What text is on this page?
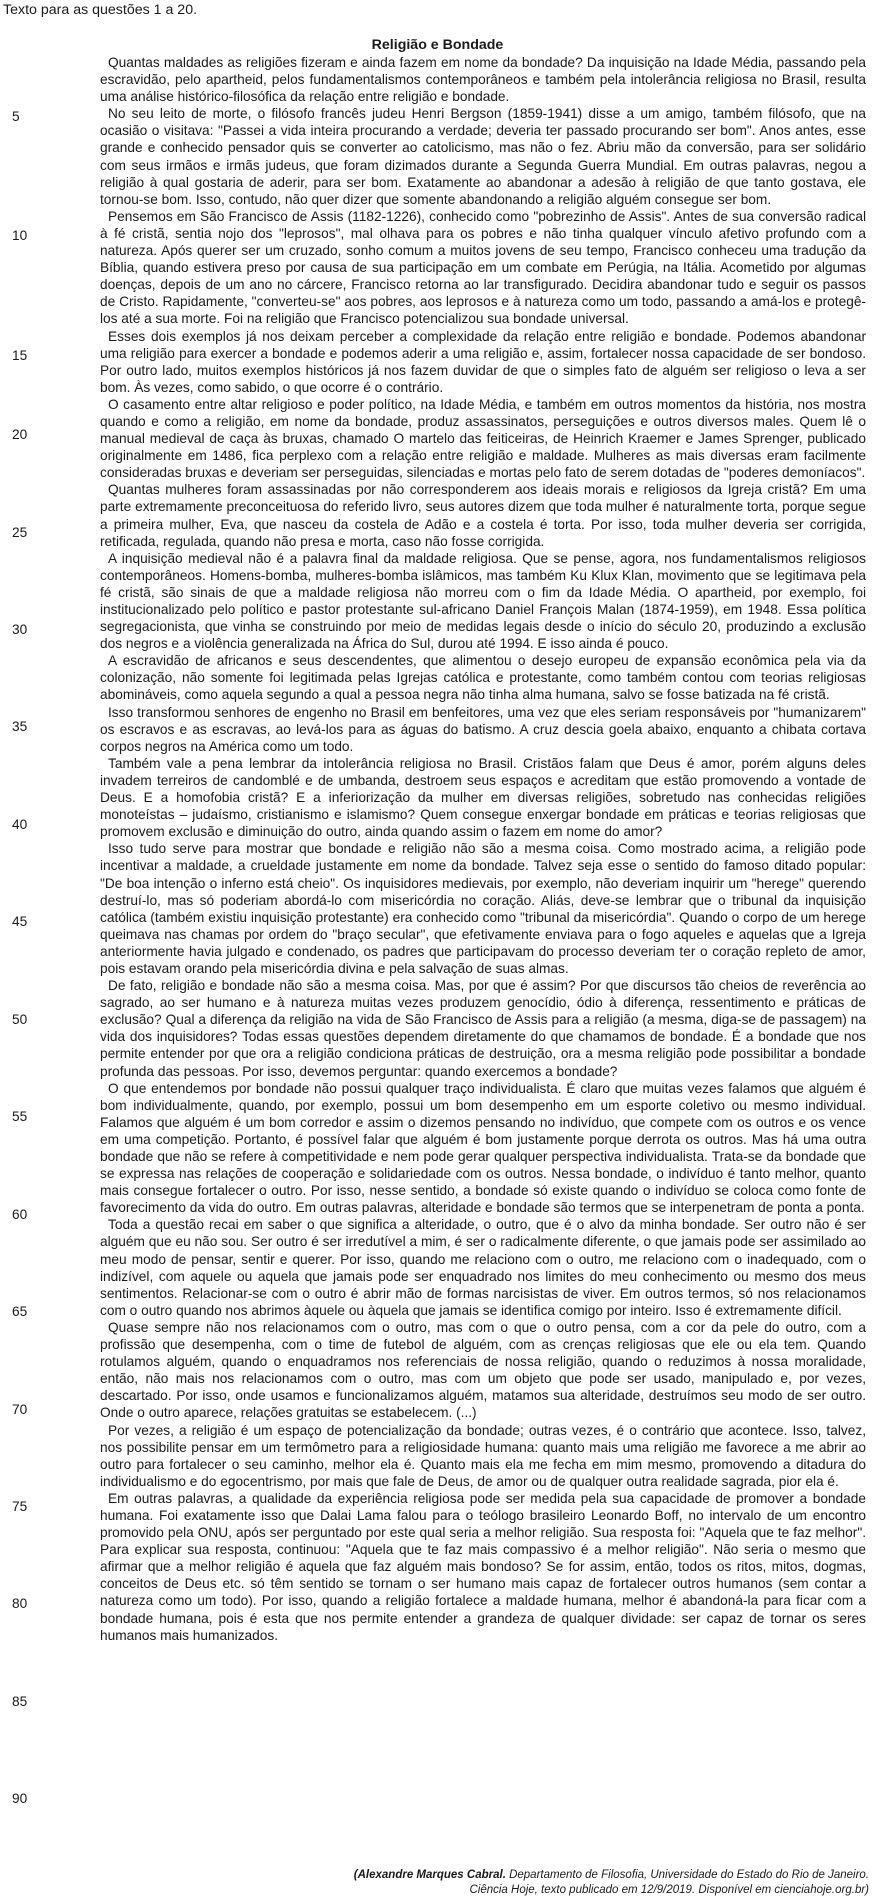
Texto para as questões 1 a 20.
Religião e Bondade
5
10
15
20
25
30
35
40
45
50
55
60
65
70
75
80
85
90

Quantas maldades as religiões fizeram e ainda fazem em nome da bondade? Da inquisição na Idade Média, passando pela escravidão, pelo apartheid, pelos fundamentalismos contemporâneos e também pela intolerância religiosa no Brasil, resulta uma análise histórico-filosófica da relação entre religião e bondade.

No seu leito de morte, o filósofo francês judeu Henri Bergson (1859-1941) disse a um amigo, também filósofo, que na ocasião o visitava: "Passei a vida inteira procurando a verdade; deveria ter passado procurando ser bom". Anos antes, esse grande e conhecido pensador quis se converter ao catolicismo, mas não o fez. Abriu mão da conversão, para ser solidário com seus irmãos e irmãs judeus, que foram dizimados durante a Segunda Guerra Mundial. Em outras palavras, negou a religião à qual gostaria de aderir, para ser bom. Exatamente ao abandonar a adesão à religião de que tanto gostava, ele tornou-se bom. Isso, contudo, não quer dizer que somente abandonando a religião alguém consegue ser bom.

Pensemos em São Francisco de Assis (1182-1226), conhecido como "pobrezinho de Assis". Antes de sua conversão radical à fé cristã, sentia nojo dos "leprosos", mal olhava para os pobres e não tinha qualquer vínculo afetivo profundo com a natureza. Após querer ser um cruzado, sonho comum a muitos jovens de seu tempo, Francisco conheceu uma tradução da Bíblia, quando estivera preso por causa de sua participação em um combate em Perúgia, na Itália. Acometido por algumas doenças, depois de um ano no cárcere, Francisco retorna ao lar transfigurado. Decidira abandonar tudo e seguir os passos de Cristo. Rapidamente, "converteu-se" aos pobres, aos leprosos e à natureza como um todo, passando a amá-los e protegê-los até a sua morte. Foi na religião que Francisco potencializou sua bondade universal.

Esses dois exemplos já nos deixam perceber a complexidade da relação entre religião e bondade. Podemos abandonar uma religião para exercer a bondade e podemos aderir a uma religião e, assim, fortalecer nossa capacidade de ser bondoso. Por outro lado, muitos exemplos históricos já nos fazem duvidar de que o simples fato de alguém ser religioso o leva a ser bom. Às vezes, como sabido, o que ocorre é o contrário.

O casamento entre altar religioso e poder político, na Idade Média, e também em outros momentos da história, nos mostra quando e como a religião, em nome da bondade, produz assassinatos, perseguições e outros diversos males. Quem lê o manual medieval de caça às bruxas, chamado O martelo das feiticeiras, de Heinrich Kraemer e James Sprenger, publicado originalmente em 1486, fica perplexo com a relação entre religião e maldade. Mulheres as mais diversas eram facilmente consideradas bruxas e deveriam ser perseguidas, silenciadas e mortas pelo fato de serem dotadas de "poderes demoníacos".

Quantas mulheres foram assassinadas por não corresponderem aos ideais morais e religiosos da Igreja cristã? Em uma parte extremamente preconceituosa do referido livro, seus autores dizem que toda mulher é naturalmente torta, porque segue a primeira mulher, Eva, que nasceu da costela de Adão e a costela é torta. Por isso, toda mulher deveria ser corrigida, retificada, regulada, quando não presa e morta, caso não fosse corrigida.

A inquisição medieval não é a palavra final da maldade religiosa. Que se pense, agora, nos fundamentalismos religiosos contemporâneos. Homens-bomba, mulheres-bomba islâmicos, mas também Ku Klux Klan, movimento que se legitimava pela fé cristã, são sinais de que a maldade religiosa não morreu com o fim da Idade Média. O apartheid, por exemplo, foi institucionalizado pelo político e pastor protestante sul-africano Daniel François Malan (1874-1959), em 1948. Essa política segregacionista, que vinha se construindo por meio de medidas legais desde o início do século 20, produzindo a exclusão dos negros e a violência generalizada na África do Sul, durou até 1994. E isso ainda é pouco.

A escravidão de africanos e seus descendentes, que alimentou o desejo europeu de expansão econômica pela via da colonização, não somente foi legitimada pelas Igrejas católica e protestante, como também contou com teorias religiosas abomináveis, como aquela segundo a qual a pessoa negra não tinha alma humana, salvo se fosse batizada na fé cristã.

Isso transformou senhores de engenho no Brasil em benfeitores, uma vez que eles seriam responsáveis por "humanizarem" os escravos e as escravas, ao levá-los para as águas do batismo. A cruz descia goela abaixo, enquanto a chibata cortava corpos negros na América como um todo.

Também vale a pena lembrar da intolerância religiosa no Brasil. Cristãos falam que Deus é amor, porém alguns deles invadem terreiros de candomblé e de umbanda, destroem seus espaços e acreditam que estão promovendo a vontade de Deus. E a homofobia cristã? E a inferiorização da mulher em diversas religiões, sobretudo nas conhecidas religiões monoteístas – judaísmo, cristianismo e islamismo? Quem consegue enxergar bondade em práticas e teorias religiosas que promovem exclusão e diminuição do outro, ainda quando assim o fazem em nome do amor?

Isso tudo serve para mostrar que bondade e religião não são a mesma coisa. Como mostrado acima, a religião pode incentivar a maldade, a crueldade justamente em nome da bondade. Talvez seja esse o sentido do famoso ditado popular: "De boa intenção o inferno está cheio". Os inquisidores medievais, por exemplo, não deveriam inquirir um "herege" querendo destruí-lo, mas só poderiam abordá-lo com misericórdia no coração. Aliás, deve-se lembrar que o tribunal da inquisição católica (também existiu inquisição protestante) era conhecido como "tribunal da misericórdia". Quando o corpo de um herege queimava nas chamas por ordem do "braço secular", que efetivamente enviava para o fogo aqueles e aquelas que a Igreja anteriormente havia julgado e condenado, os padres que participavam do processo deveriam ter o coração repleto de amor, pois estavam orando pela misericórdia divina e pela salvação de suas almas.

De fato, religião e bondade não são a mesma coisa. Mas, por que é assim? Por que discursos tão cheios de reverência ao sagrado, ao ser humano e à natureza muitas vezes produzem genocídio, ódio à diferença, ressentimento e práticas de exclusão? Qual a diferença da religião na vida de São Francisco de Assis para a religião (a mesma, diga-se de passagem) na vida dos inquisidores? Todas essas questões dependem diretamente do que chamamos de bondade. É a bondade que nos permite entender por que ora a religião condiciona práticas de destruição, ora a mesma religião pode possibilitar a bondade profunda das pessoas. Por isso, devemos perguntar: quando exercemos a bondade?

O que entendemos por bondade não possui qualquer traço individualista. É claro que muitas vezes falamos que alguém é bom individualmente, quando, por exemplo, possui um bom desempenho em um esporte coletivo ou mesmo individual. Falamos que alguém é um bom corredor e assim o dizemos pensando no indivíduo, que compete com os outros e os vence em uma competição. Portanto, é possível falar que alguém é bom justamente porque derrota os outros. Mas há uma outra bondade que não se refere à competitividade e nem pode gerar qualquer perspectiva individualista. Trata-se da bondade que se expressa nas relações de cooperação e solidariedade com os outros. Nessa bondade, o indivíduo é tanto melhor, quanto mais consegue fortalecer o outro. Por isso, nesse sentido, a bondade só existe quando o indivíduo se coloca como fonte de favorecimento da vida do outro. Em outras palavras, alteridade e bondade são termos que se interpenetram de ponta a ponta.

Toda a questão recai em saber o que significa a alteridade, o outro, que é o alvo da minha bondade. Ser outro não é ser alguém que eu não sou. Ser outro é ser irredutível a mim, é ser o radicalmente diferente, o que jamais pode ser assimilado ao meu modo de pensar, sentir e querer. Por isso, quando me relaciono com o outro, me relaciono com o inadequado, com o indizível, com aquele ou aquela que jamais pode ser enquadrado nos limites do meu conhecimento ou mesmo dos meus sentimentos. Relacionar-se com o outro é abrir mão de formas narcisistas de viver. Em outros termos, só nos relacionamos com o outro quando nos abrimos àquele ou àquela que jamais se identifica comigo por inteiro. Isso é extremamente difícil.

Quase sempre não nos relacionamos com o outro, mas com o que o outro pensa, com a cor da pele do outro, com a profissão que desempenha, com o time de futebol de alguém, com as crenças religiosas que ele ou ela tem. Quando rotulamos alguém, quando o enquadramos nos referenciais de nossa religião, quando o reduzimos à nossa moralidade, então, não mais nos relacionamos com o outro, mas com um objeto que pode ser usado, manipulado e, por vezes, descartado. Por isso, onde usamos e funcionalizamos alguém, matamos sua alteridade, destruímos seu modo de ser outro. Onde o outro aparece, relações gratuitas se estabelecem. (...)

Por vezes, a religião é um espaço de potencialização da bondade; outras vezes, é o contrário que acontece. Isso, talvez, nos possibilite pensar em um termômetro para a religiosidade humana: quanto mais uma religião me favorece a me abrir ao outro para fortalecer o seu caminho, melhor ela é. Quanto mais ela me fecha em mim mesmo, promovendo a ditadura do individualismo e do egocentrismo, por mais que fale de Deus, de amor ou de qualquer outra realidade sagrada, pior ela é.

Em outras palavras, a qualidade da experiência religiosa pode ser medida pela sua capacidade de promover a bondade humana. Foi exatamente isso que Dalai Lama falou para o teólogo brasileiro Leonardo Boff, no intervalo de um encontro promovido pela ONU, após ser perguntado por este qual seria a melhor religião. Sua resposta foi: "Aquela que te faz melhor". Para explicar sua resposta, continuou: "Aquela que te faz mais compassivo é a melhor religião". Não seria o mesmo que afirmar que a melhor religião é aquela que faz alguém mais bondoso? Se for assim, então, todos os ritos, mitos, dogmas, conceitos de Deus etc. só têm sentido se tornam o ser humano mais capaz de fortalecer outros humanos (sem contar a natureza como um todo). Por isso, quando a religião fortalece a maldade humana, melhor é abandoná-la para ficar com a bondade humana, pois é esta que nos permite entender a grandeza de qualquer dividade: ser capaz de tornar os seres humanos mais humanizados.

(Alexandre Marques Cabral. Departamento de Filosofia, Universidade do Estado do Rio de Janeiro.
Ciência Hoje, texto publicado em 12/9/2019. Disponível em cienciahoje.org.br)
